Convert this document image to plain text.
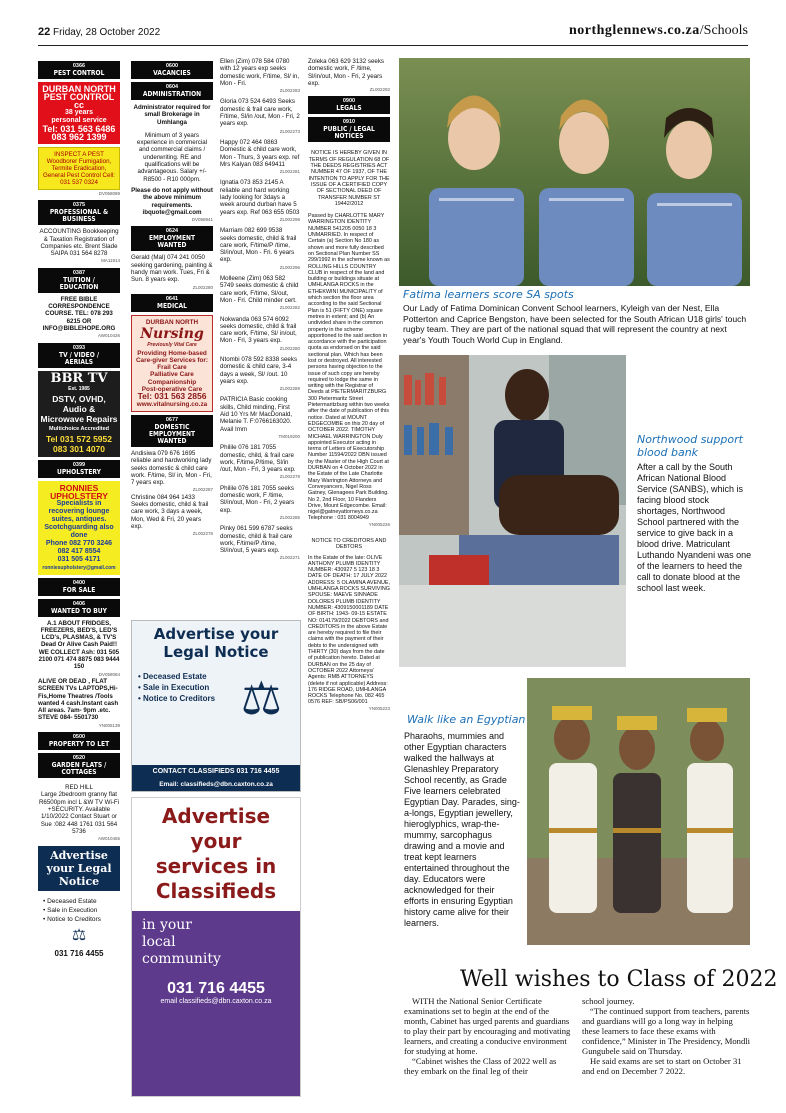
22 Friday, 28 October 2022	northglennews.co.za/Schools
0366
PEST CONTROL
DURBAN NORTH
PEST CONTROL cc
38 years
personal service
Tel: 031 563 6486
083 962 1399
INSPECT A PEST Woodborer Fumigation, Termite Eradication, General Pest Control Cell: 031 537 0324
DV058089
0375
PROFESSIONAL & BUSINESS
ACCOUNTING Bookkeeping & Taxation Registration of Companies etc. Brent Slade SAIPA 031 564 8278
MA11914
0387
TUITION / EDUCATION
FREE BIBLE CORRESPONDENCE COURSE. TEL: 078 293 6215 OR INFO@BIBLEHOPE.ORG
AW010426
0393
TV / VIDEO / AERIALS
BBR TV
Est. 1985
DSTV, OVHD,
Audio &
Microwave Repairs
Multichoice Accredited
Tel 031 572 5952
083 301 4070
0399
UPHOLSTERY
RONNIES UPHOLSTERY
Specialists in recovering lounge suites, antiques. Scotchguarding also done
Phone 082 770 3246
082 417 8554
031 505 4171
ronniesupholstery@gmail.com
0400
FOR SALE
0406
WANTED TO BUY
A.1 ABOUT FRIDGES, FREEZERS, BED'S, LED'S LCD's, PLASMAS, & TV'S Dead Or Alive Cash Paid!! WE COLLECT Ash: 031 505 2100 071 474 8875 083 9444 150
DV058084
ALIVE OR DEAD , FLAT SCREEN TVs LAPTOPS,Hi-Fis,Home Theatres /Tools wanted 4 cash.Instant cash All areas. 7am- 9pm .etc. STEVE 084- 5501730
YN005139
0500
PROPERTY TO LET
0520
GARDEN FLATS / COTTAGES
RED HILL
Large 2bedroom granny flat R6500pm incl L &W TV Wi-Fi +SECURITY. Available 1/10/2022 Contact Stuart or Sue :082 448 1761 031 564 5736
AW010455
Advertise your Legal Notice
• Deceased Estate
• Sale in Execution
• Notice to Creditors
⚖
031 716 4455
0600
VACANCIES
0604
ADMINISTRATION
Administrator required for small Brokerage in Umhlanga
Minimum of 3 years experience in commercial and commercial claims / underwriting. RE and qualifications will be advantageous. Salary +/- R8500 - R10 000pm.
Please do not apply without the above minimum requirements. ibquote@gmail.com
DV058941
0624
EMPLOYMENT WANTED
Gerald (Mal) 074 241 0050 seeking gardening, painting & handy man work. Tues, Fri & Sun. 8 years exp.
ZL002280
0641
MEDICAL
DURBAN NORTH
Nursing
Previously Vital Care
Providing Home-based Care-giver Services for:
Frail Care
Palliative Care
Companionship
Post-operative Care
Tel: 031 563 2856
www.vitalnursing.co.za
0677
DOMESTIC EMPLOYMENT WANTED
Andisiwa 079 676 1695 reliable and hardworking lady seeks domestic & child care work. F/time, Sl/ in, Mon - Fri, 7 years exp.
ZL002287
Christine 084 964 1433 Seeks domestic, child & frail care work, 3 days a week, Mon, Wed & Fri, 20 years exp.
ZL002276
Advertise your Legal Notice
⚖
• Deceased Estate
• Sale in Execution
• Notice to Creditors
CONTACT CLASSIFIEDS 031 716 4455
Email: classifieds@dbn.caxton.co.za
Advertise
your
services in
Classifieds
in your
local
community
031 716 4455
email classifieds@dbn.caxton.co.za
Ellen (Zim) 078 584 0780 with 12 years exp seeks domestic work, F/time, Sl/ in, Mon - Fri.
ZL002283
Gloria 073 524 6493 Seeks domestic & frail care work, F/time, Sl/in /out, Mon - Fri, 2 years exp.
ZL002273
Happy 072 464 0863 Domestic & child care work, Mon - Thurs, 3 years exp. ref Mrs Kalyan 083 649411
ZL002281
Ignatia 073 853 2145 A reliable and hard working lady looking for 3days a week around durban have 5 years exp. Ref 063 655 0503
ZL002298
Marriam 082 699 9538 seeks domestic, child & frail care work, F/time/P /time, Sl/in/out, Mon - Fri. 6 years exp.
ZL002296
Molleene (Zim) 063 582 5749 seeks domestic & child care work, F/time, Sl/out, Mon - Fri. Child minder cert.
ZL002282
Nokwanda 063 574 6092 seeks domestic, child & frail care work, F/time, Sl/ in/out, Mon - Fri, 3 years exp.
ZL002280
Ntombi 078 592 8338 seeks domestic & child care, 3-4 days a week, Sl/ /out. 10 years exp.
ZL002289
PATRICIA Basic cooking skills, Child minding, First Aid 10 Yrs Mr MacDonald, Melanie T. F:0766163020. Avail Imm
TM019200
Philile 076 181 7055 domestic, child, & frail care work, F/time,P/time, Sl/in /out, Mon - Fri, 3 years exp.
ZL002278
Philile 076 181 7055 seeks domestic work, F /time, Sl/in/out, Mon - Fri, 2 years exp.
ZL002285
Pinky 061 599 6787 seeks domestic, child & frail care work, F/time/P /time, Sl/in/out, 5 years exp.
ZL002271
Zoleka 063 629 3132 seeks domestic work, F /time, Sl/in/out, Mon - Fri, 2 years exp.
ZL002292
0900
LEGALS
0910
PUBLIC / LEGAL NOTICES
NOTICE IS HEREBY GIVEN IN TERMS OF REGULATION 68 OF THE DEEDS REGISTRIES ACT NUMBER 47 OF 1937, OF THE INTENTION TO APPLY FOR THE ISSUE OF A CERTIFIED COPY OF SECTIONAL DEED OF TRANSFER NUMBER ST 19442/2012
Passed by CHARLOTTE MARY WARRINGTON IDENTITY NUMBER 541205 0050 18 3 UNMARRIED. In respect of Certain (a) Section No 180 as shown and more fully described on Sectional Plan Number SS 299/1992 in the scheme known as ROLLING HILLS COUNTRY CLUB in respect of the land and building or buildings situate at UMHLANGA ROCKS in the ETHEKWINI MUNICIPALITY of which section the floor area according to the said Sectional Plan is 51 (FIFTY ONE) square metres in extent; and (b) An undivided share in the common property in the scheme apportioned to the said section in accordance with the participation quota as endorsed on the said sectional plan. Which has been lost or destroyed. All interested persons having objection to the issue of such copy are hereby required to lodge the same in writing with the Registrar of Deeds at PIETERMARITZBURG 300 Pietermaritz Street Pietermaritzburg within two weeks after the date of publication of this notice. Dated at MOUNT EDGECOMBE on this 20 day of OCTOBER 2022. TIMOTHY MICHAEL WARRINGTON Duly appointed Executor acting in terms of Letters of Executorship Number 11594/2022 DBN issued by the Master of the High Court at DURBAN on 4 October 2022 in the Estate of the Late Charlotte Mary Warrington Attorneys and Conveyancers, Nigel Ross Gatney, Glenagees Park Building. No 2, 2nd Floor, 10 Flanders Drive, Mount Edgecombe. Email: nigel@gatneyattorneys.co.za Telephone : 031 8004949
YN005226
NOTICE TO CREDITORS AND DEBTORS
In the Estate of the late: OLIVE ANTHONY PLUMB IDENTITY NUMBER: 430927 5 123 18 3 DATE OF DEATH: 17 JULY 2022 ADDRESS: 5 OLAMINA AVENUE, UMHLANGA ROCKS SURVIVING SPOUSE: MAEVE SINNADE DOLORES PLUMB IDENTITY NUMBER: 4309150001189 DATE OF BIRTH: 1943- 09-15 ESTATE NO: 014179/2022 DEBTORS and CREDITORS in the above Estate are hereby required to file their claims with the payment of their debts to the undersigned with THIRTY (30) days from the date of publication hereto. Dated at DURBAN on the 25 day of OCTOBER 2022 Attorneys/ Agents: RMB ATTORNEYS (delete if not applicable) Address: 176 RIDGE ROAD, UMHLANGA ROCKS Telephone No. 082 465 0576 REF: SB/PS06/001
YN005223
Fatima learners score SA spots
Our Lady of Fatima Dominican Convent School learners, Kyleigh van der Nest, Ella Potterton and Caprice Bengston, have been selected for the South African U18 girls' touch rugby team. They are part of the national squad that will represent the country at next year's Youth Touch World Cup in England.
Northwood support blood bank
After a call by the South African National Blood Service (SANBS), which is facing blood stock shortages, Northwood School partnered with the service to give back in a blood drive. Matriculant Luthando Nyandeni was one of the learners to heed the call to donate blood at the school last week.
Walk like an Egyptian
Pharaohs, mummies and other Egyptian characters walked the hallways at Glenashley Preparatory School recently, as Grade Five learners celebrated Egyptian Day. Parades, sing-a-longs, Egyptian jewellery, hieroglyphics, wrap-the-mummy, sarcophagus drawing and a movie and treat kept learners entertained throughout the day. Educators were acknowledged for their efforts in ensuring Egyptian history came alive for their learners.
Well wishes to Class of 2022

WITH the National Senior Certificate examinations set to begin at the end of the month, Cabinet has urged parents and guardians to play their part by encouraging and motivating learners, and creating a conducive environment for studying at home.

“Cabinet wishes the Class of 2022 well as they embark on the final leg of their

school journey.

“The continued support from teachers, parents and guardians will go a long way in helping these learners to face these exams with confidence,” Minister in The Presidency, Mondli Gungubele said on Thursday.

He said exams are set to start on October 31 and end on December 7 2022.
